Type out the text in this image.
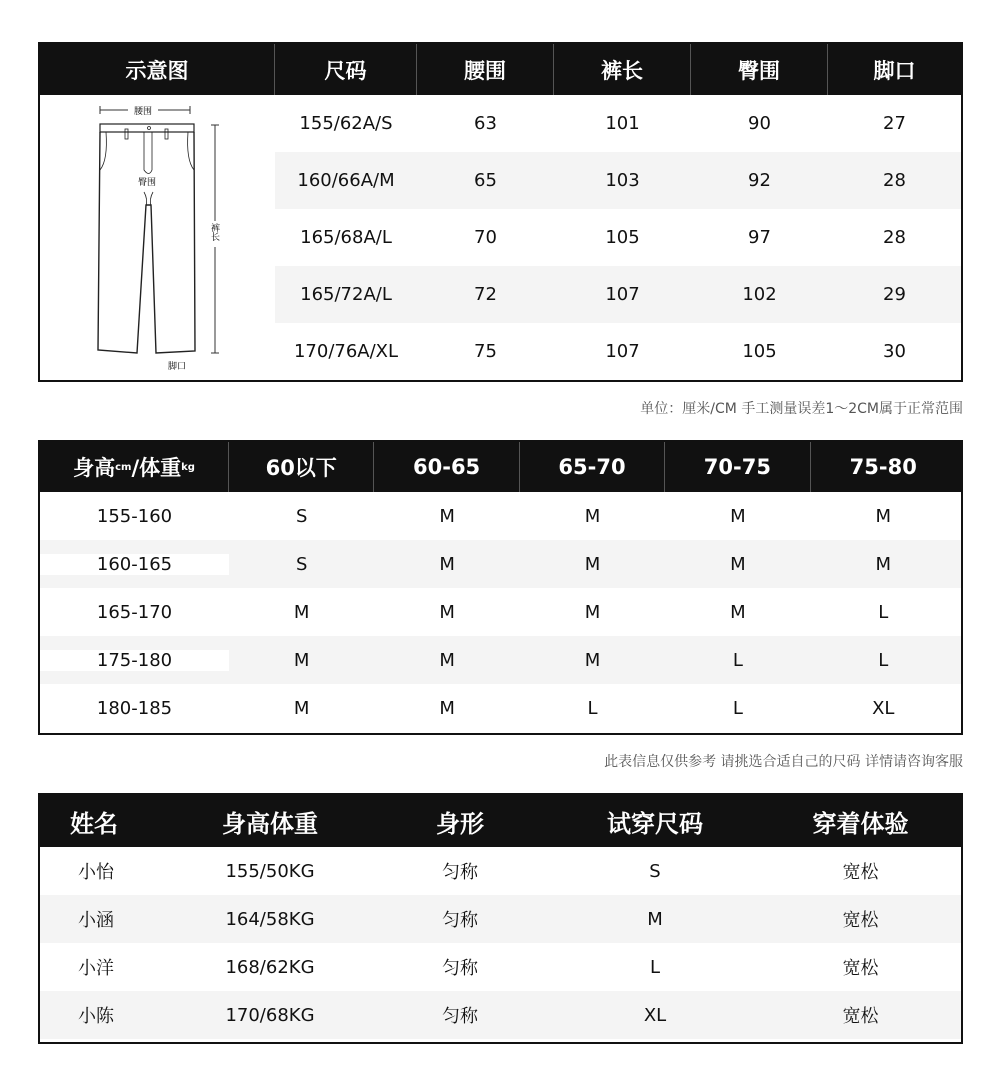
示意图	尺码	腰围	裤长	臀围	脚口
腰围
臀围
裤长
脚口
155/62A/S	63	101	90	27
160/66A/M	65	103	92	28
165/68A/L	70	105	97	28
165/72A/L	72	107	102	29
170/76A/XL	75	107	105	30
单位：厘米/CM 手工测量误差1～2CM属于正常范围
身高 cm /体重 kg	60以下	60-65	65-70	70-75	75-80
155-160	S	M	M	M	M
160-165	S	M	M	M	M
165-170	M	M	M	M	L
175-180	M	M	M	L	L
180-185	M	M	L	L	XL
此表信息仅供参考 请挑选合适自己的尺码 详情请咨询客服
姓名	身高体重	身形	试穿尺码	穿着体验
小怡	155/50KG	匀称	S	宽松
小涵	164/58KG	匀称	M	宽松
小洋	168/62KG	匀称	L	宽松
小陈	170/68KG	匀称	XL	宽松
